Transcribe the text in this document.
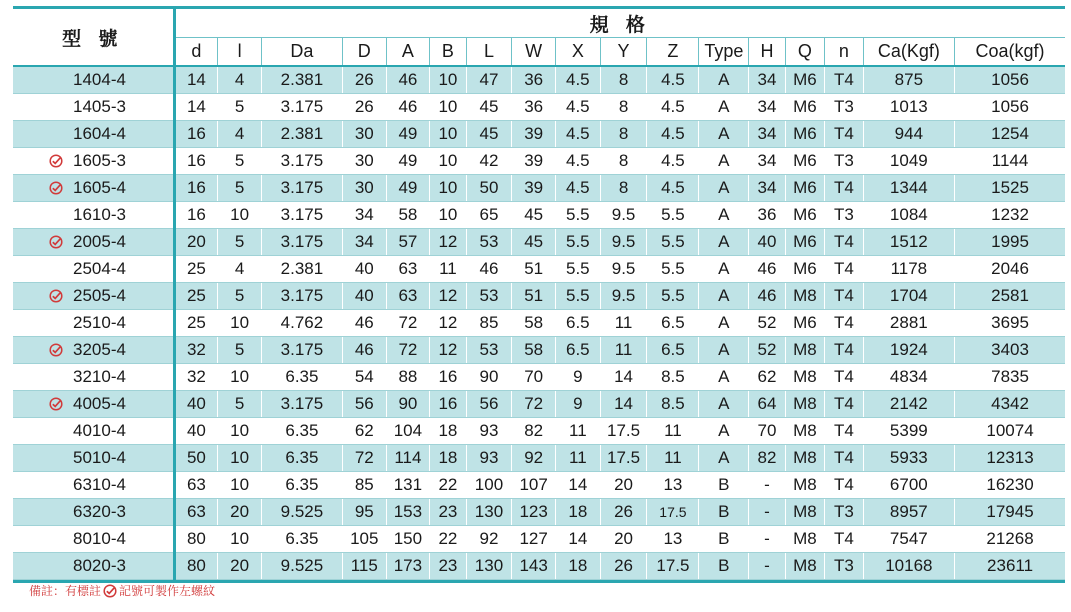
型 號	規 格																
	d	l	Da	D	A	B	L	W	X	Y	Z	Type	H	Q	n	Ca(Kgf)	Coa(kgf)
1404-4	14	4	2.381	26	46	10	47	36	4.5	8	4.5	A	34	M6	T4	875	1056
1405-3	14	5	3.175	26	46	10	45	36	4.5	8	4.5	A	34	M6	T3	1013	1056
1604-4	16	4	2.381	30	49	10	45	39	4.5	8	4.5	A	34	M6	T4	944	1254

1605-3	16	5	3.175	30	49	10	42	39	4.5	8	4.5	A	34	M6	T3	1049	1144

1605-4	16	5	3.175	30	49	10	50	39	4.5	8	4.5	A	34	M6	T4	1344	1525
1610-3	16	10	3.175	34	58	10	65	45	5.5	9.5	5.5	A	36	M6	T3	1084	1232

2005-4	20	5	3.175	34	57	12	53	45	5.5	9.5	5.5	A	40	M6	T4	1512	1995
2504-4	25	4	2.381	40	63	11	46	51	5.5	9.5	5.5	A	46	M6	T4	1178	2046

2505-4	25	5	3.175	40	63	12	53	51	5.5	9.5	5.5	A	46	M8	T4	1704	2581
2510-4	25	10	4.762	46	72	12	85	58	6.5	11	6.5	A	52	M6	T4	2881	3695

3205-4	32	5	3.175	46	72	12	53	58	6.5	11	6.5	A	52	M8	T4	1924	3403
3210-4	32	10	6.35	54	88	16	90	70	9	14	8.5	A	62	M8	T4	4834	7835

4005-4	40	5	3.175	56	90	16	56	72	9	14	8.5	A	64	M8	T4	2142	4342
4010-4	40	10	6.35	62	104	18	93	82	11	17.5	11	A	70	M8	T4	5399	10074
5010-4	50	10	6.35	72	114	18	93	92	11	17.5	11	A	82	M8	T4	5933	12313
6310-4	63	10	6.35	85	131	22	100	107	14	20	13	B	-	M8	T4	6700	16230
6320-3	63	20	9.525	95	153	23	130	123	18	26	17.5	B	-	M8	T3	8957	17945
8010-4	80	10	6.35	105	150	22	92	127	14	20	13	B	-	M8	T4	7547	21268
8020-3	80	20	9.525	115	173	23	130	143	18	26	17.5	B	-	M8	T3	10168	23611
備註：有標註 記號可製作左螺紋
